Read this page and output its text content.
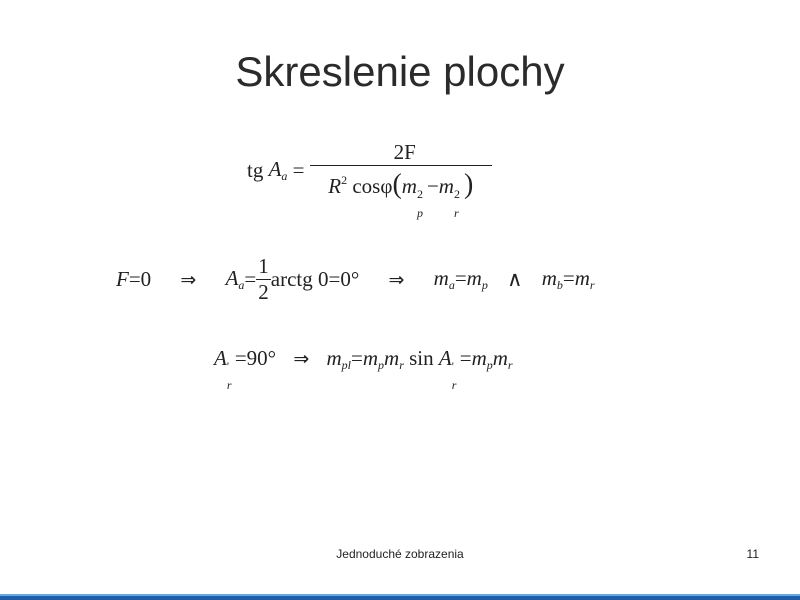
Skreslenie plochy
tg $A_a = 2F$
$R^2$ cosφ(m 2
p
−m 2
r
)
F=0 ⇒ $A_a= \frac{1}{2}$ arctg 0=0° ⇒ $m_a=m_p$ ∧ $m_b=m_r$
A '
r
=90° ⇒ $m_{pl}=m_pm_r$ sin A '
r
$=m_pm_r$
Jednoduché zobrazenia	11
